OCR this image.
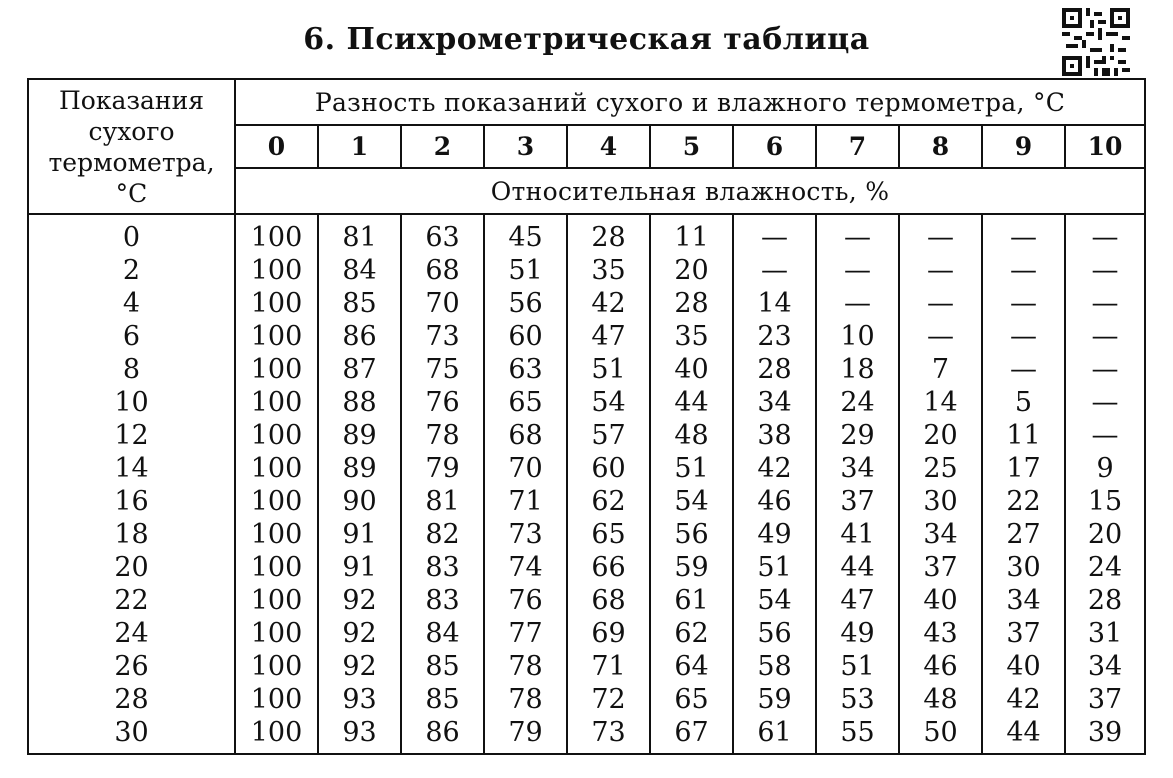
6. Психрометрическая таблица
Показания
сухого
термометра,
°С	Разность показаний сухого и влажного термометра, °С										
	0	1	2	3	4	5	6	7	8	9	10
	Относительная влажность, %										
0	100	81	63	45	28	11	—	—	—	—	—
2	100	84	68	51	35	20	—	—	—	—	—
4	100	85	70	56	42	28	14	—	—	—	—
6	100	86	73	60	47	35	23	10	—	—	—
8	100	87	75	63	51	40	28	18	7	—	—
10	100	88	76	65	54	44	34	24	14	5	—
12	100	89	78	68	57	48	38	29	20	11	—
14	100	89	79	70	60	51	42	34	25	17	9
16	100	90	81	71	62	54	46	37	30	22	15
18	100	91	82	73	65	56	49	41	34	27	20
20	100	91	83	74	66	59	51	44	37	30	24
22	100	92	83	76	68	61	54	47	40	34	28
24	100	92	84	77	69	62	56	49	43	37	31
26	100	92	85	78	71	64	58	51	46	40	34
28	100	93	85	78	72	65	59	53	48	42	37
30	100	93	86	79	73	67	61	55	50	44	39
